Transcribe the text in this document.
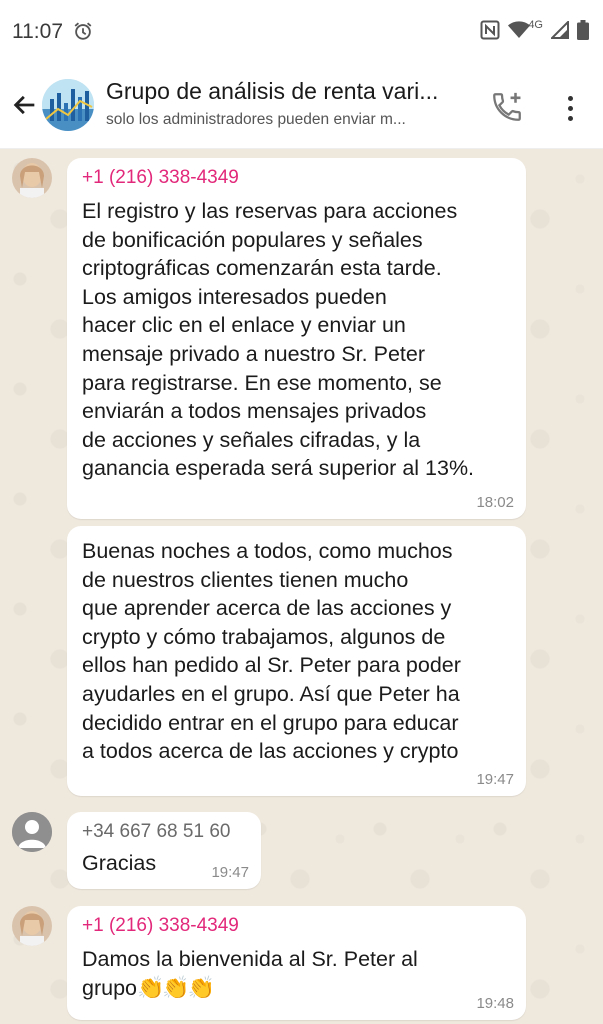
11:07	4G
Grupo de análisis de renta vari...
solo los administradores pueden enviar m...
+1 (216) 338-4349
El registro y las reservas para acciones
de bonificación populares y señales
criptográficas comenzarán esta tarde.
Los amigos interesados pueden
hacer clic en el enlace y enviar un
mensaje privado a nuestro Sr. Peter
para registrarse. En ese momento, se
enviarán a todos mensajes privados
de acciones y señales cifradas, y la
ganancia esperada será superior al 13%.
18:02
Buenas noches a todos, como muchos
de nuestros clientes tienen mucho
que aprender acerca de las acciones y
crypto y cómo trabajamos, algunos de
ellos han pedido al Sr. Peter para poder
ayudarles en el grupo. Así que Peter ha
decidido entrar en el grupo para educar
a todos acerca de las acciones y crypto
19:47
+34 667 68 51 60
Gracias	19:47
+1 (216) 338-4349
Damos la bienvenida al Sr. Peter al
grupo👏👏👏
19:48
